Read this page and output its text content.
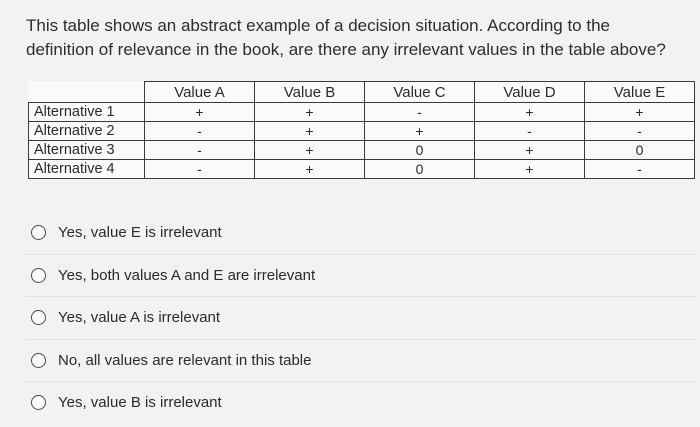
This table shows an abstract example of a decision situation. According to the
definition of relevance in the book, are there any irrelevant values in the table above?
	Value A	Value B	Value C	Value D	Value E
Alternative 1	+	+	-	+	+
Alternative 2	-	+	+	-	-
Alternative 3	-	+	0	+	0
Alternative 4	-	+	0	+	-
Yes, value E is irrelevant
Yes, both values A and E are irrelevant
Yes, value A is irrelevant
No, all values are relevant in this table
Yes, value B is irrelevant
